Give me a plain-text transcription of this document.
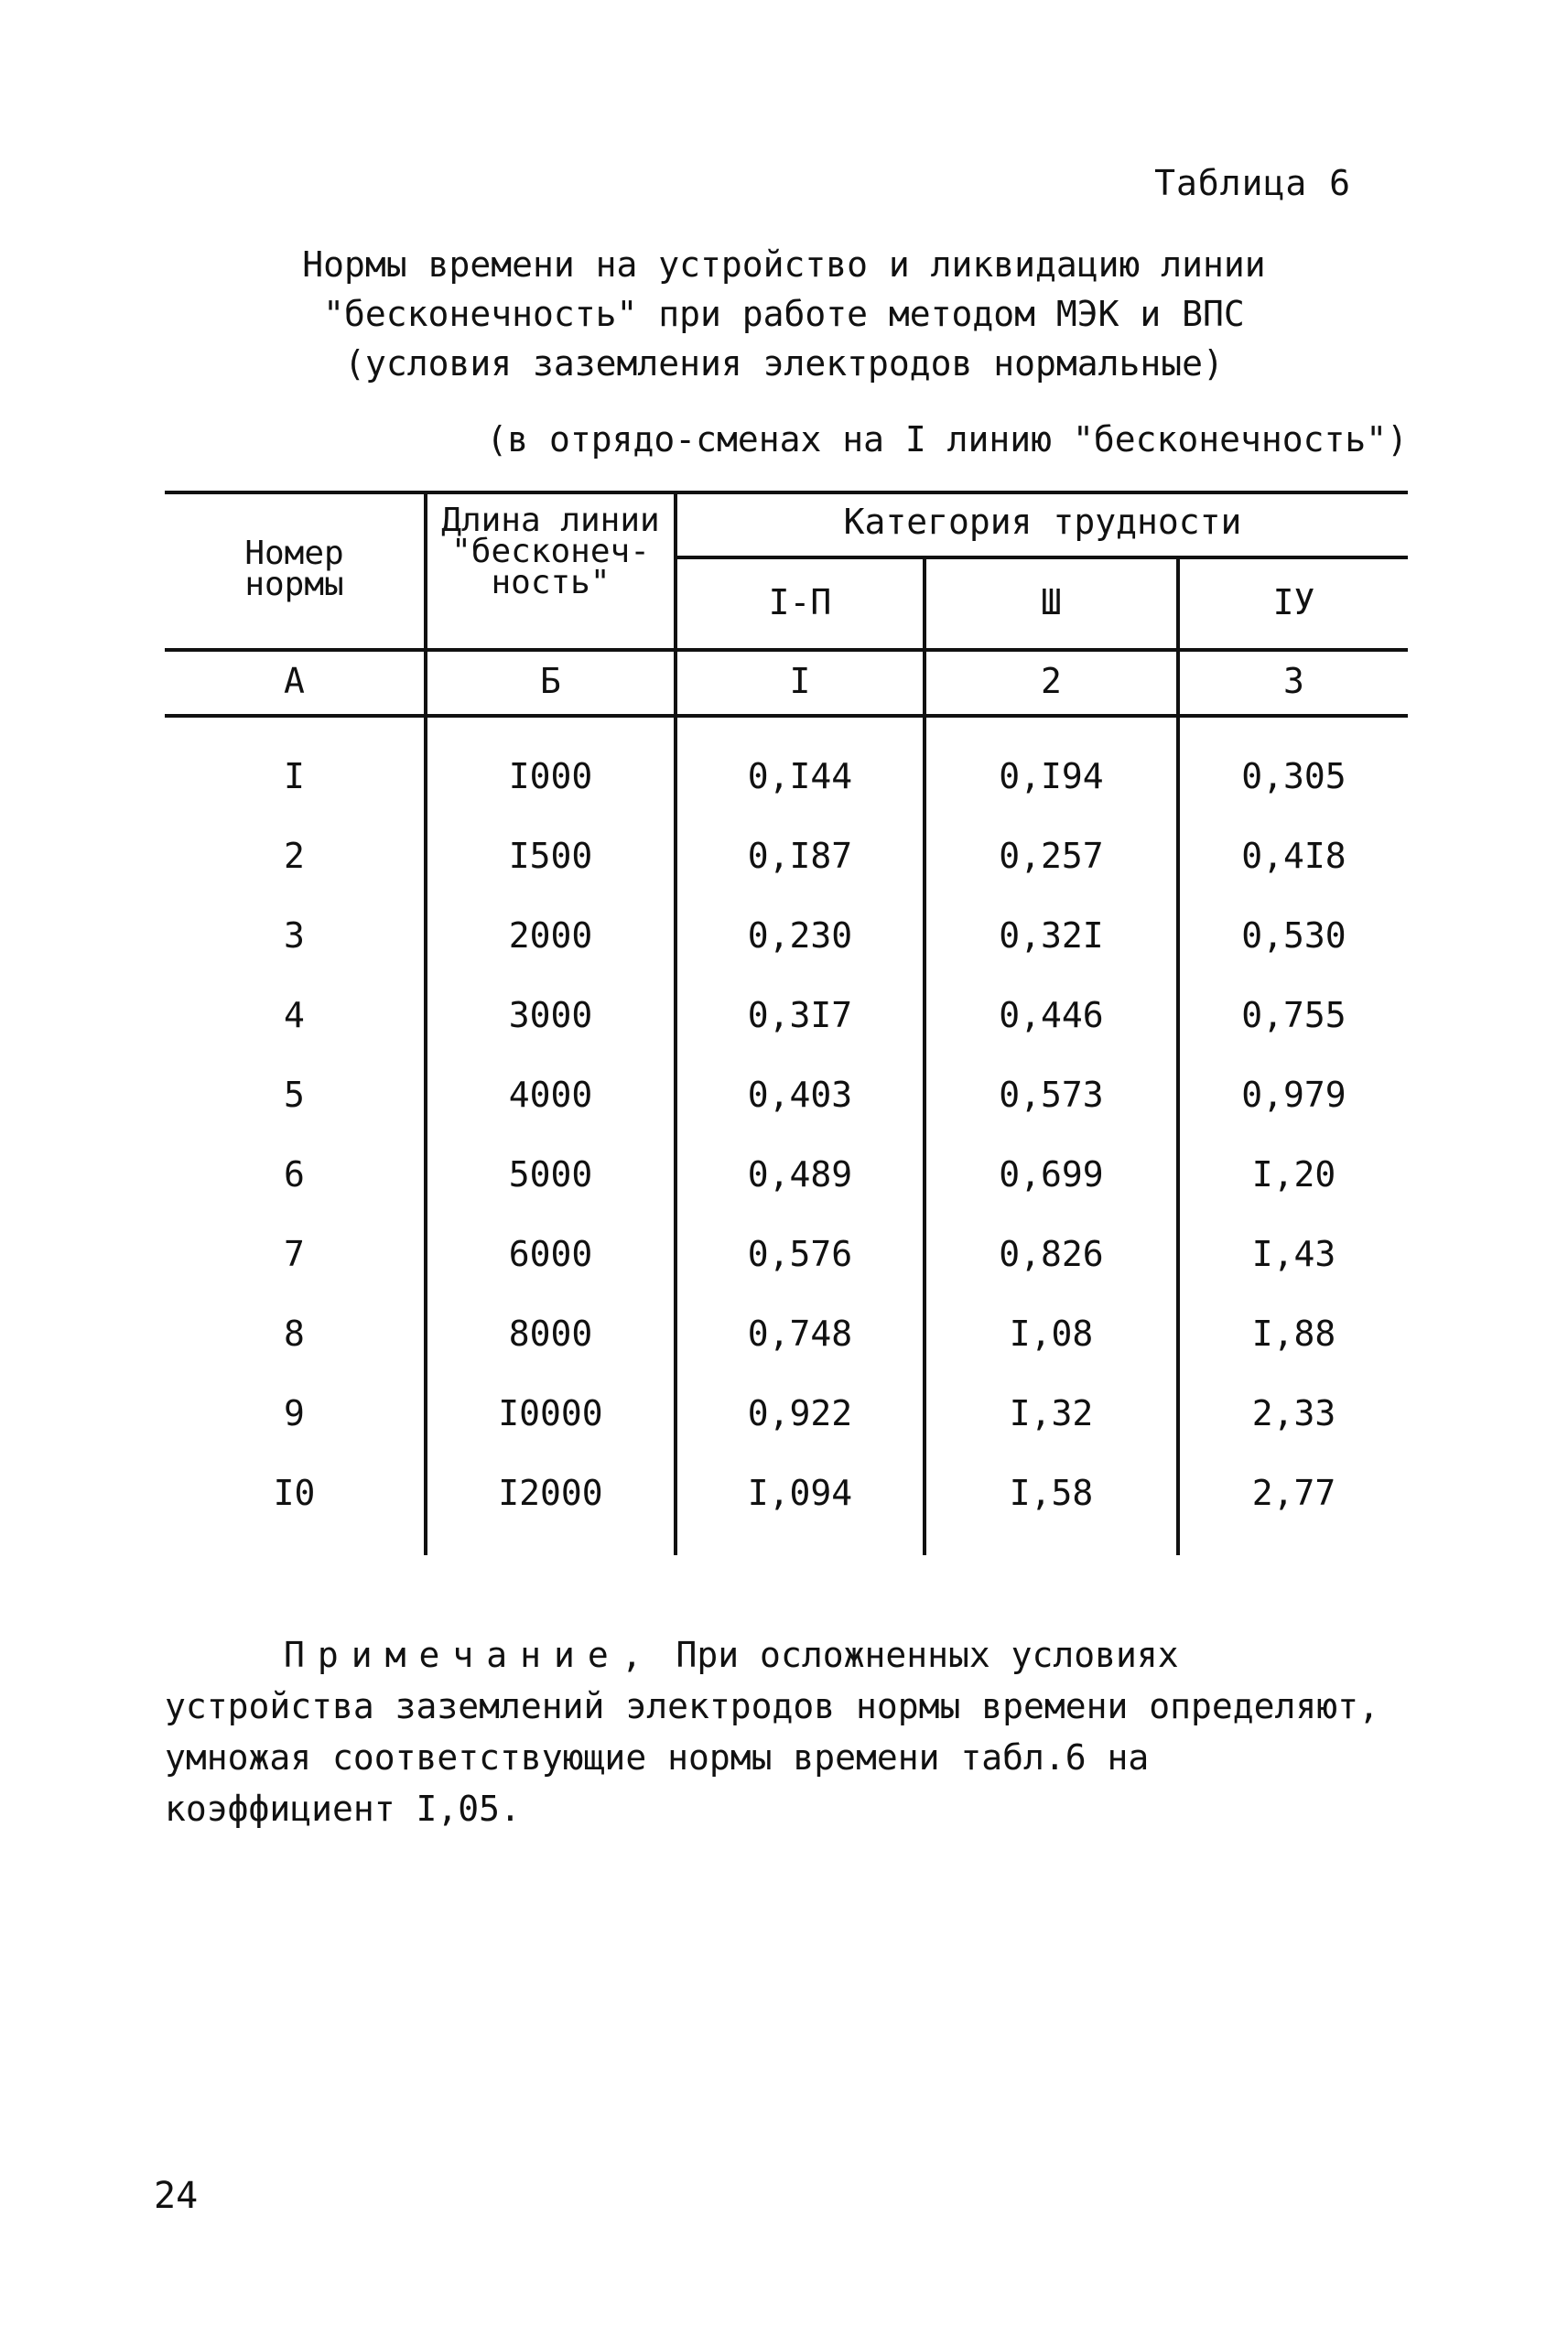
Таблица 6
Нормы времени на устройство и ликвидацию линии
"бесконечность" при работе методом МЭК и ВПС
(условия заземления электродов нормальные)
(в отрядо-сменах на I линию "бесконечность")
Номер
нормы
Длина линии
"бесконеч-
ность"
Категория трудности
I-П	Ш	IУ
А	Б	I	2	3
I	I000	0,I44	0,I94	0,305
2	I500	0,I87	0,257	0,4I8
3	2000	0,230	0,32I	0,530
4	3000	0,3I7	0,446	0,755
5	4000	0,403	0,573	0,979
6	5000	0,489	0,699	I,20
7	6000	0,576	0,826	I,43
8	8000	0,748	I,08	I,88
9	I0000	0,922	I,32	2,33
I0	I2000	I,094	I,58	2,77
Примечание, При осложненных условиях устройства заземлений электродов нормы времени определяют, умножая соответствующие нормы времени табл.6 на коэффициент I,05.
24
